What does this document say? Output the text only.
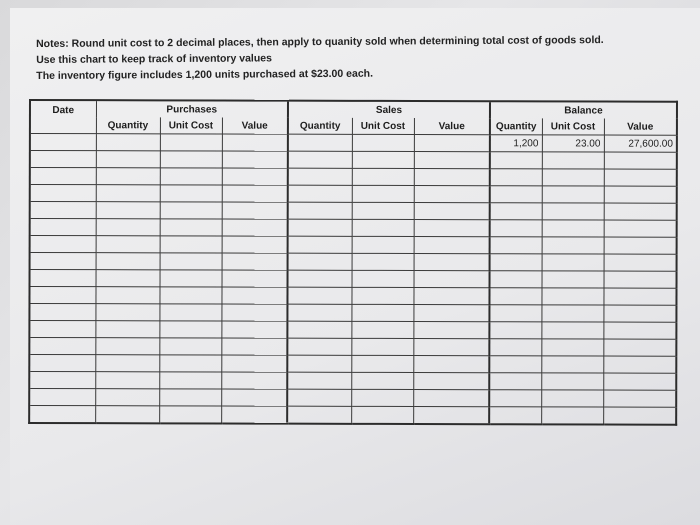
Notes: Round unit cost to 2 decimal places, then apply to quanity sold when determining total cost of goods sold.
Use this chart to keep track of inventory values
The inventory figure includes 1,200 units purchased at $23.00 each.
Date	Purchases			Sales			Balance		
	Quantity	Unit Cost	Value	Quantity	Unit Cost	Value	Quantity	Unit Cost	Value
							1,200	23.00	27,600.00
